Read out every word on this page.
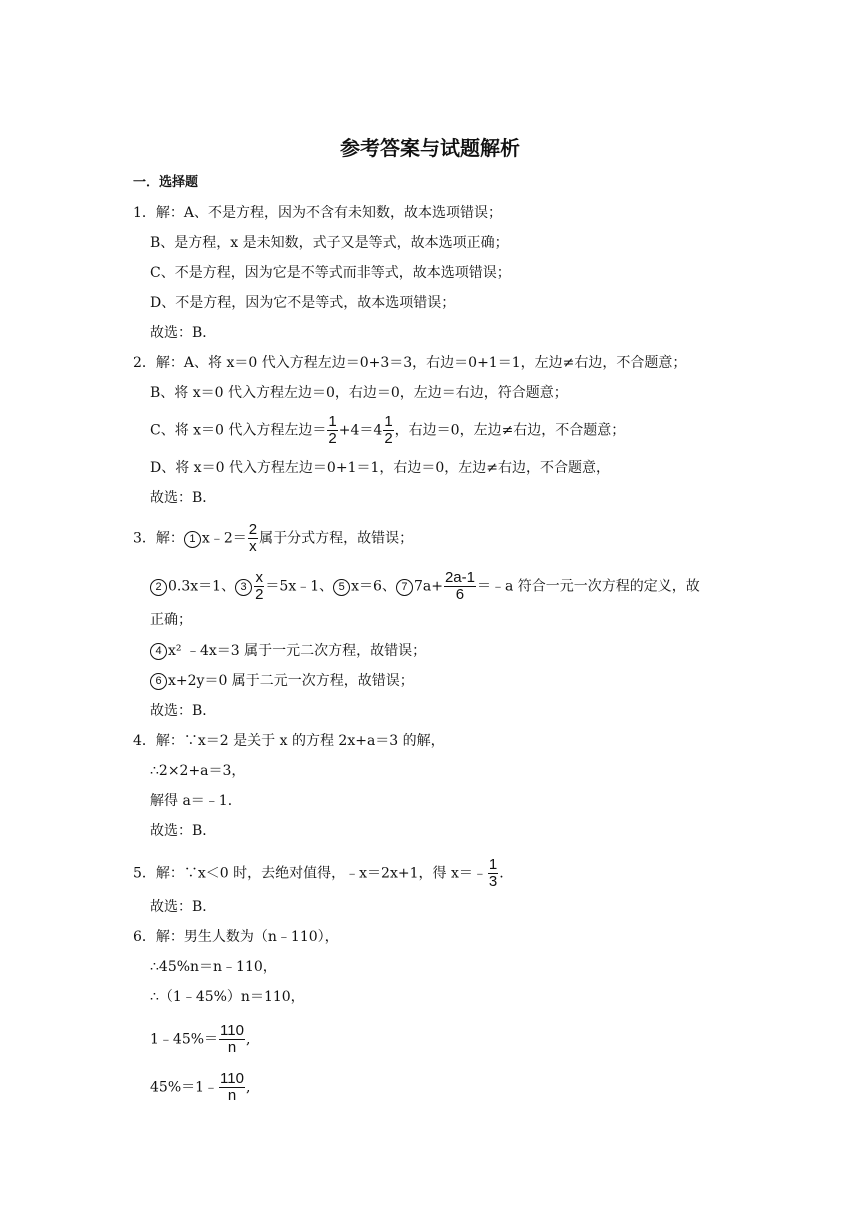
参考答案与试题解析
一．选择题
1．解：A、不是方程，因为不含有未知数，故本选项错误；
B、是方程，x 是未知数，式子又是等式，故本选项正确；
C、不是方程，因为它是不等式而非等式，故本选项错误；
D、不是方程，因为它不是等式，故本选项错误；
故选：B．
2．解：A、将 x＝0 代入方程左边＝0+3＝3，右边＝0+1＝1，左边≠右边，不合题意；
B、将 x＝0 代入方程左边＝0，右边＝0，左边＝右边，符合题意；
C、将 x＝0 代入方程左边＝ $\frac{1}{2} +4=4 \frac{1}{2}$ ，右边＝0，左边≠右边，不合题意；
D、将 x＝0 代入方程左边＝0+1＝1，右边＝0，左边≠右边，不合题意，
故选：B．
3．解： 1 x﹣2＝ $\frac{2}{x}$ 属于分式方程，故错误；
2 0.3x＝1、 $3 \frac{x}{2}$ ＝5x﹣1、 5 x＝6、 7 $7a+ \frac{2a-1}{6}$ ＝﹣a 符合一元一次方程的定义，故
正确；
4 x² ﹣4x＝3 属于一元二次方程，故错误；
6 x+2y＝0 属于二元一次方程，故错误；
故选：B．
4．解：∵x＝2 是关于 x 的方程 2x+a＝3 的解，
∴2×2+a＝3，
解得 a＝﹣1．
故选：B．
5．解：∵x＜0 时，去绝对值得，﹣x＝2x+1，得 x＝﹣ $\frac{1}{3}$ .
故选：B．
6．解：男生人数为（n﹣110），
∴45%n＝n﹣110，
∴（1﹣45%）n＝110，
1﹣45%＝ $\frac{110}{n}$ ,
45%＝1﹣ $\frac{110}{n}$ ,
